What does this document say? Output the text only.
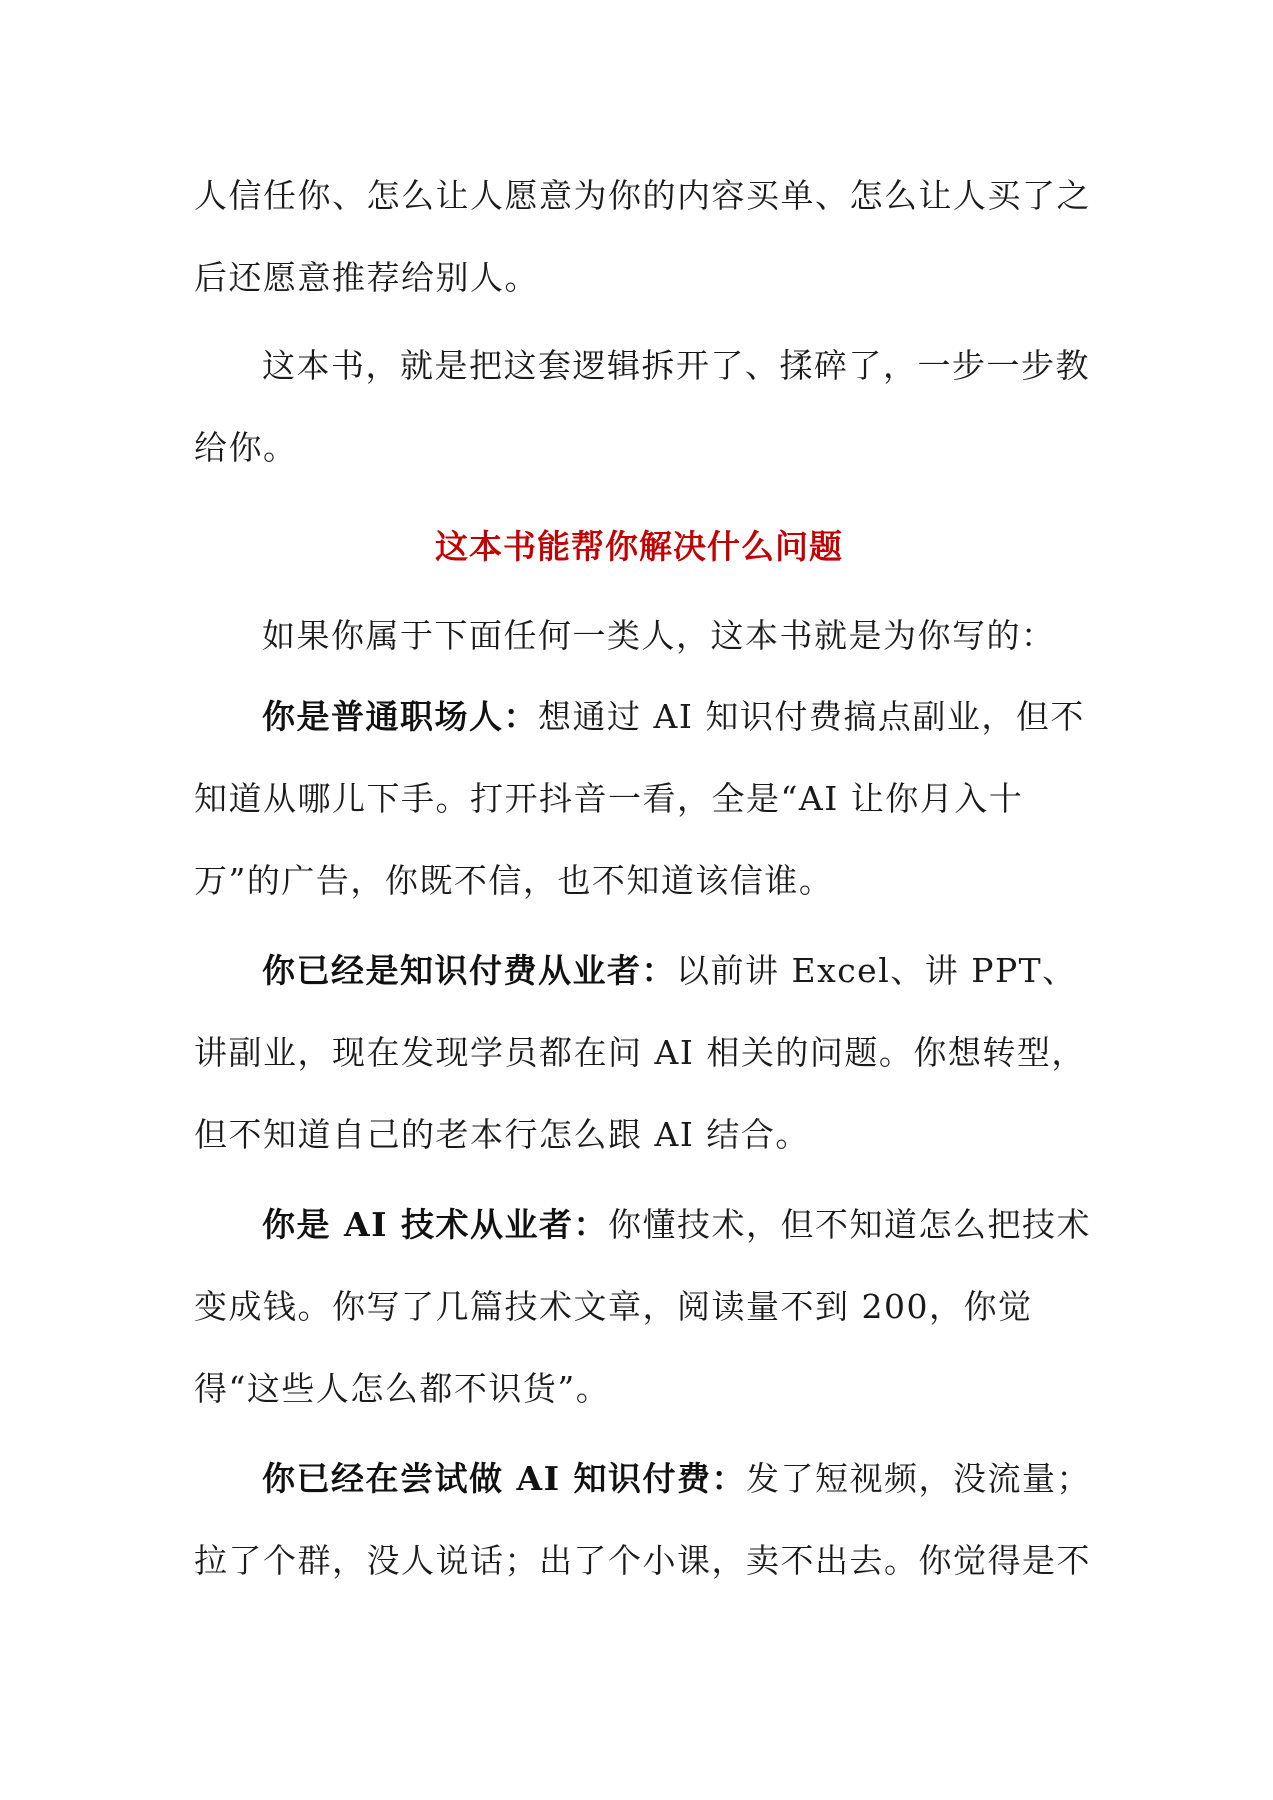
人信任你、怎么让人愿意为你的内容买单、怎么让人买了之后还愿意推荐给别人。

这本书，就是把这套逻辑拆开了、揉碎了，一步一步教给你。

这本书能帮你解决什么问题

如果你属于下面任何一类人，这本书就是为你写的：

你是普通职场人：想通过 AI 知识付费搞点副业，但不知道从哪儿下手。打开抖音一看，全是“AI 让你月入十万”的广告，你既不信，也不知道该信谁。

你已经是知识付费从业者：以前讲 Excel、讲 PPT、讲副业，现在发现学员都在问 AI 相关的问题。你想转型，但不知道自己的老本行怎么跟 AI 结合。

你是 AI 技术从业者：你懂技术，但不知道怎么把技术变成钱。你写了几篇技术文章，阅读量不到 200，你觉得“这些人怎么都不识货”。

你已经在尝试做 AI 知识付费：发了短视频，没流量；拉了个群，没人说话；出了个小课，卖不出去。你觉得是不
